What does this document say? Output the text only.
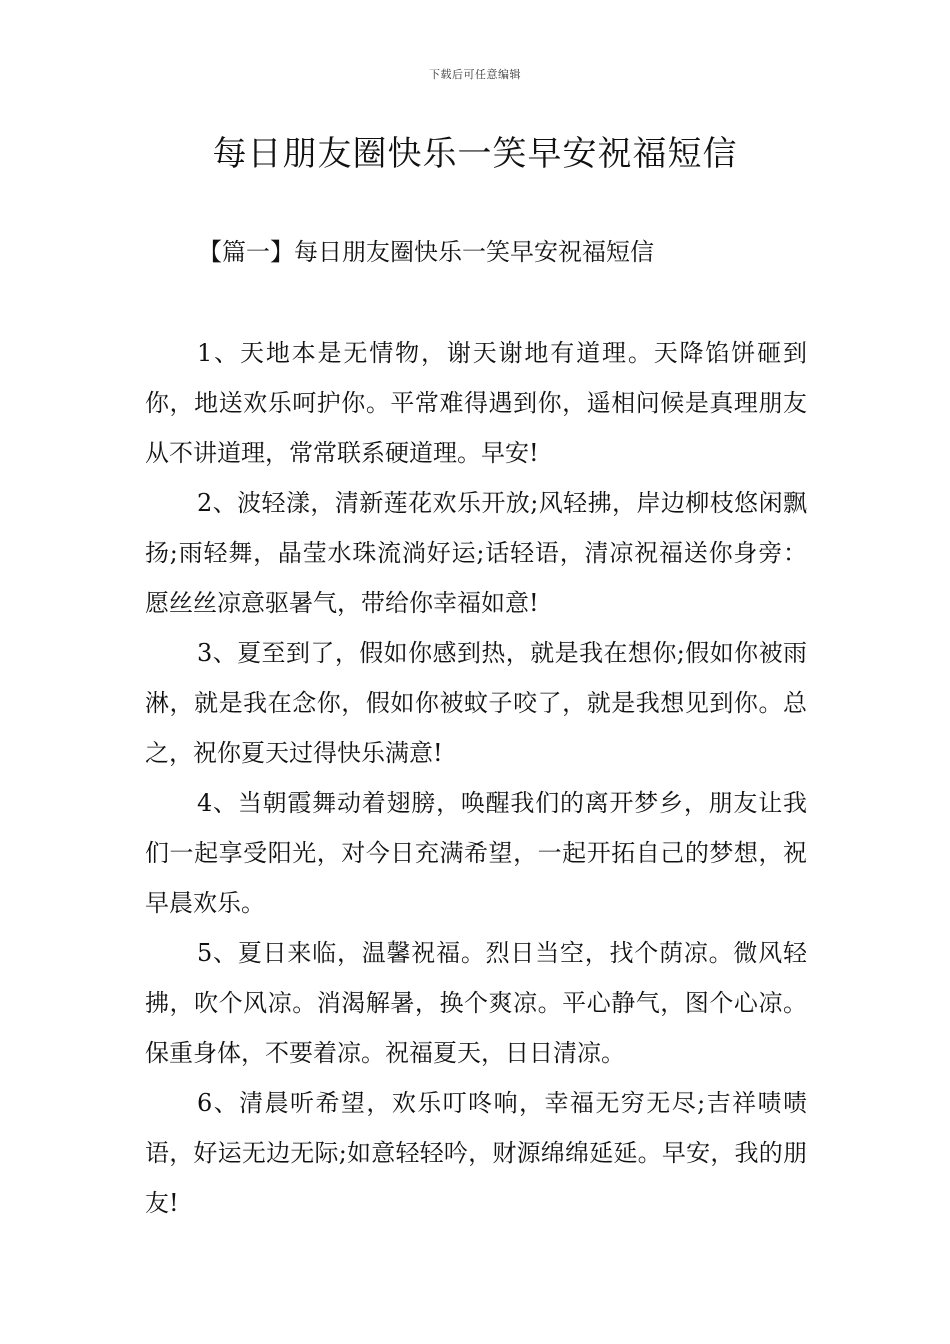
下载后可任意编辑
每日朋友圈快乐一笑早安祝福短信
【篇一】每日朋友圈快乐一笑早安祝福短信

1、天地本是无情物，谢天谢地有道理。天降馅饼砸到你，地送欢乐呵护你。平常难得遇到你，遥相问候是真理朋友从不讲道理，常常联系硬道理。早安!

2、波轻漾，清新莲花欢乐开放;风轻拂，岸边柳枝悠闲飘扬;雨轻舞，晶莹水珠流淌好运;话轻语，清凉祝福送你身旁：愿丝丝凉意驱暑气，带给你幸福如意!

3、夏至到了，假如你感到热，就是我在想你;假如你被雨淋，就是我在念你，假如你被蚊子咬了，就是我想见到你。总之，祝你夏天过得快乐满意!

4、当朝霞舞动着翅膀，唤醒我们的离开梦乡，朋友让我们一起享受阳光，对今日充满希望，一起开拓自己的梦想，祝早晨欢乐。

5、夏日来临，温馨祝福。烈日当空，找个荫凉。微风轻拂，吹个风凉。消渴解暑，换个爽凉。平心静气，图个心凉。保重身体，不要着凉。祝福夏天，日日清凉。

6、清晨听希望，欢乐叮咚响，幸福无穷无尽;吉祥啧啧语，好运无边无际;如意轻轻吟，财源绵绵延延。早安，我的朋友!
